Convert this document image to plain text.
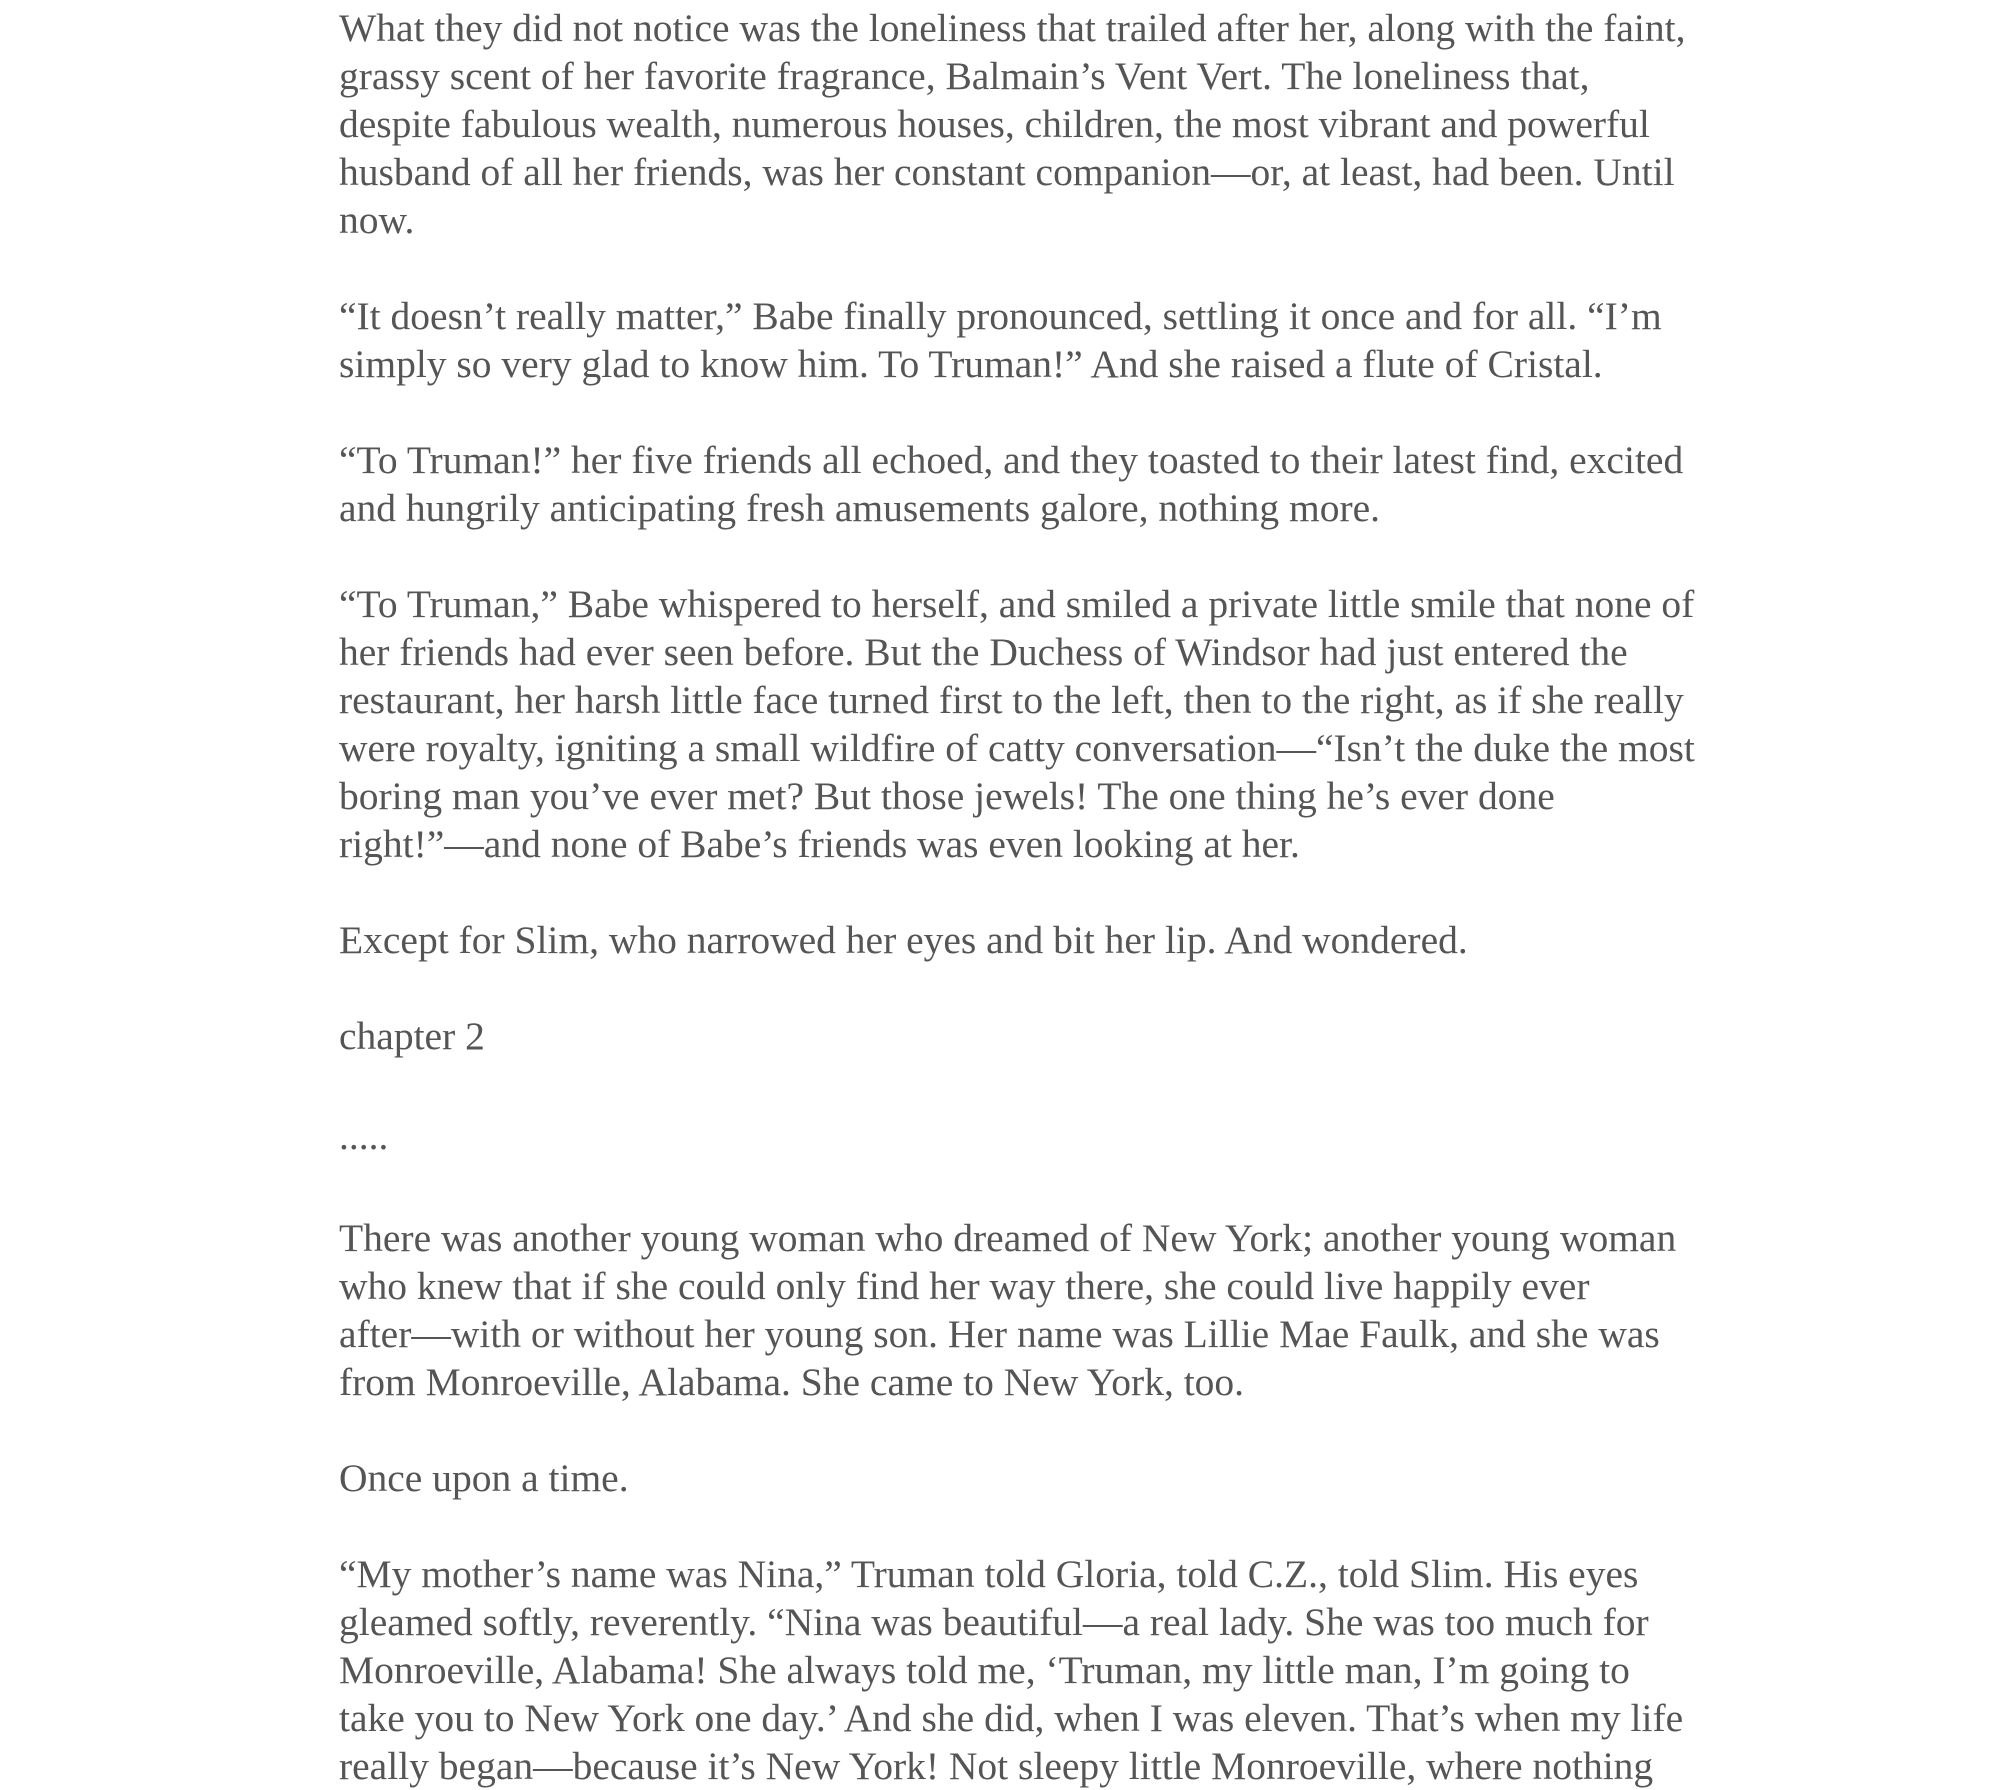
What they did not notice was the loneliness that trailed after her, along with the faint,
grassy scent of her favorite fragrance, Balmain’s Vent Vert. The loneliness that,
despite fabulous wealth, numerous houses, children, the most vibrant and powerful
husband of all her friends, was her constant companion—or, at least, had been. Until
now.
“It doesn’t really matter,” Babe finally pronounced, settling it once and for all. “I’m
simply so very glad to know him. To Truman!” And she raised a flute of Cristal.
“To Truman!” her five friends all echoed, and they toasted to their latest find, excited
and hungrily anticipating fresh amusements galore, nothing more.
“To Truman,” Babe whispered to herself, and smiled a private little smile that none of
her friends had ever seen before. But the Duchess of Windsor had just entered the
restaurant, her harsh little face turned first to the left, then to the right, as if she really
were royalty, igniting a small wildfire of catty conversation—“Isn’t the duke the most
boring man you’ve ever met? But those jewels! The one thing he’s ever done
right!”—and none of Babe’s friends was even looking at her.
Except for Slim, who narrowed her eyes and bit her lip. And wondered.
chapter 2
.....
There was another young woman who dreamed of New York; another young woman
who knew that if she could only find her way there, she could live happily ever
after—with or without her young son. Her name was Lillie Mae Faulk, and she was
from Monroeville, Alabama. She came to New York, too.
Once upon a time.
“My mother’s name was Nina,” Truman told Gloria, told C.Z., told Slim. His eyes
gleamed softly, reverently. “Nina was beautiful—a real lady. She was too much for
Monroeville, Alabama! She always told me, ‘Truman, my little man, I’m going to
take you to New York one day.’ And she did, when I was eleven. That’s when my life
really began—because it’s New York! Not sleepy little Monroeville, where nothing
